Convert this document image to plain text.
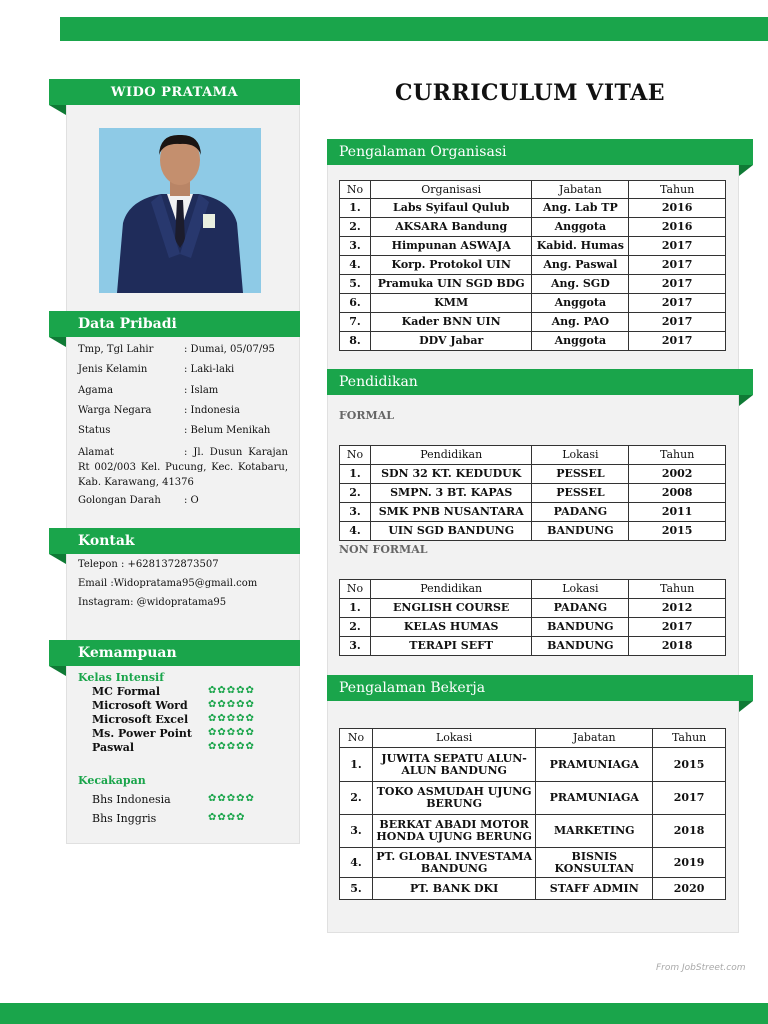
WIDO PRATAMA
Data Pribadi
Tmp, Tgl Lahir	: Dumai, 05/07/95
Jenis Kelamin	: Laki-laki
Agama	: Islam
Warga Negara	: Indonesia
Status	: Belum Menikah
Alamat	: Jl. Dusun Karajan Rt 002/003 Kel. Pucung, Kec. Kotabaru, Kab. Karawang, 41376
Golongan Darah : O
Kontak
Telepon : +6281372873507
Email :Widopratama95@gmail.com
Instagram: @widopratama95
Kemampuan
Kelas Intensif
MC Formal	✿✿✿✿✿
Microsoft Word ✿✿✿✿✿
Microsoft Excel ✿✿✿✿✿
Ms. Power Point ✿✿✿✿✿
Paswal	✿✿✿✿✿
Kecakapan
Bhs Indonesia	✿✿✿✿✿
Bhs Inggris	✿✿✿✿
CURRICULUM VITAE
Pengalaman Organisasi
No	Organisasi	Jabatan	Tahun
1.	Labs Syifaul Qulub	Ang. Lab TP	2016
2.	AKSARA Bandung	Anggota	2016
3.	Himpunan ASWAJA	Kabid. Humas	2017
4.	Korp. Protokol UIN	Ang. Paswal	2017
5.	Pramuka UIN SGD BDG	Ang. SGD	2017
6.	KMM	Anggota	2017
7.	Kader BNN UIN	Ang. PAO	2017
8.	DDV Jabar	Anggota	2017
Pendidikan
FORMAL
No	Pendidikan	Lokasi	Tahun
1.	SDN 32 KT. KEDUDUK	PESSEL	2002
2.	SMPN. 3 BT. KAPAS	PESSEL	2008
3.	SMK PNB NUSANTARA	PADANG	2011
4.	UIN SGD BANDUNG	BANDUNG	2015
NON FORMAL
No	Pendidikan	Lokasi	Tahun
1.	ENGLISH COURSE	PADANG	2012
2.	KELAS HUMAS	BANDUNG	2017
3.	TERAPI SEFT	BANDUNG	2018
Pengalaman Bekerja
No	Lokasi	Jabatan	Tahun
1.	JUWITA SEPATU ALUN-ALUN BANDUNG	PRAMUNIAGA	2015
2.	TOKO ASMUDAH UJUNG BERUNG	PRAMUNIAGA	2017
3.	BERKAT ABADI MOTOR HONDA UJUNG BERUNG	MARKETING	2018
4.	PT. GLOBAL INVESTAMA BANDUNG	BISNIS KONSULTAN	2019
5.	PT. BANK DKI	STAFF ADMIN	2020
From JobStreet.com
